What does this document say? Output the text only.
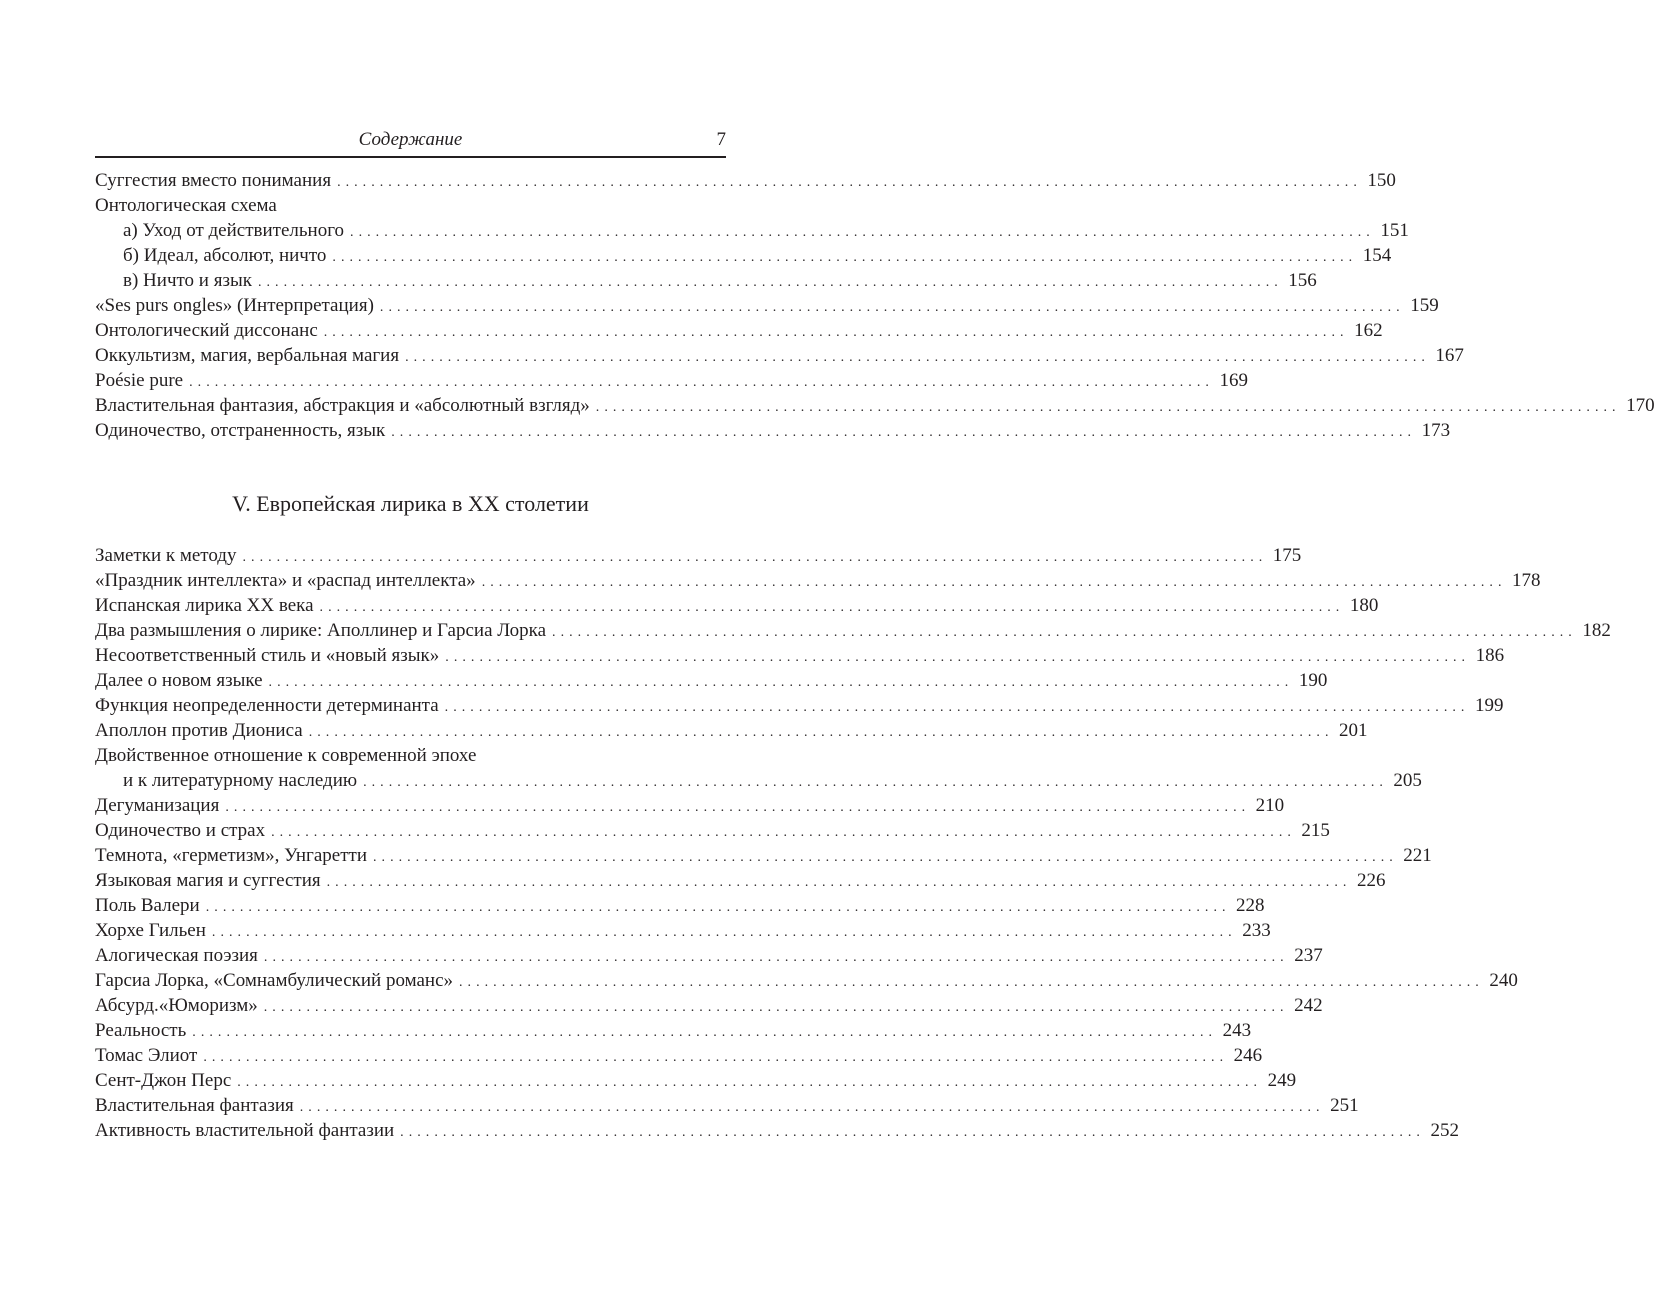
Содержание	7
Суггестия вместо понимания ........................................................................................................................ 150
Онтологическая схема
а) Уход от действительного ........................................................................................................................ 151
б) Идеал, абсолют, ничто ........................................................................................................................ 154
в) Ничто и язык ........................................................................................................................ 156
«Ses purs ongles» (Интерпретация) ........................................................................................................................ 159
Онтологический диссонанс ........................................................................................................................ 162
Оккультизм, магия, вербальная магия ........................................................................................................................ 167
Poésie pure ........................................................................................................................ 169
Властительная фантазия, абстракция и «абсолютный взгляд» ........................................................................................................................ 170
Одиночество, отстраненность, язык ........................................................................................................................ 173
V. Европейская лирика в XX столетии
Заметки к методу ........................................................................................................................ 175
«Праздник интеллекта» и «распад интеллекта» ........................................................................................................................ 178
Испанская лирика XX века ........................................................................................................................ 180
Два размышления о лирике: Аполлинер и Гарсиа Лорка ........................................................................................................................ 182
Несоответственный стиль и «новый язык» ........................................................................................................................ 186
Далее о новом языке ........................................................................................................................ 190
Функция неопределенности детерминанта ........................................................................................................................ 199
Аполлон против Диониса ........................................................................................................................ 201
Двойственное отношение к современной эпохе
и к литературному наследию ........................................................................................................................ 205
Дегуманизация ........................................................................................................................ 210
Одиночество и страх ........................................................................................................................ 215
Темнота, «герметизм», Унгаретти ........................................................................................................................ 221
Языковая магия и суггестия ........................................................................................................................ 226
Поль Валери ........................................................................................................................ 228
Хорхе Гильен ........................................................................................................................ 233
Алогическая поэзия ........................................................................................................................ 237
Гарсиа Лорка, «Сомнамбулический романс» ........................................................................................................................ 240
Абсурд.«Юморизм» ........................................................................................................................ 242
Реальность ........................................................................................................................ 243
Томас Элиот ........................................................................................................................ 246
Сент-Джон Перс ........................................................................................................................ 249
Властительная фантазия ........................................................................................................................ 251
Активность властительной фантазии ........................................................................................................................ 252
